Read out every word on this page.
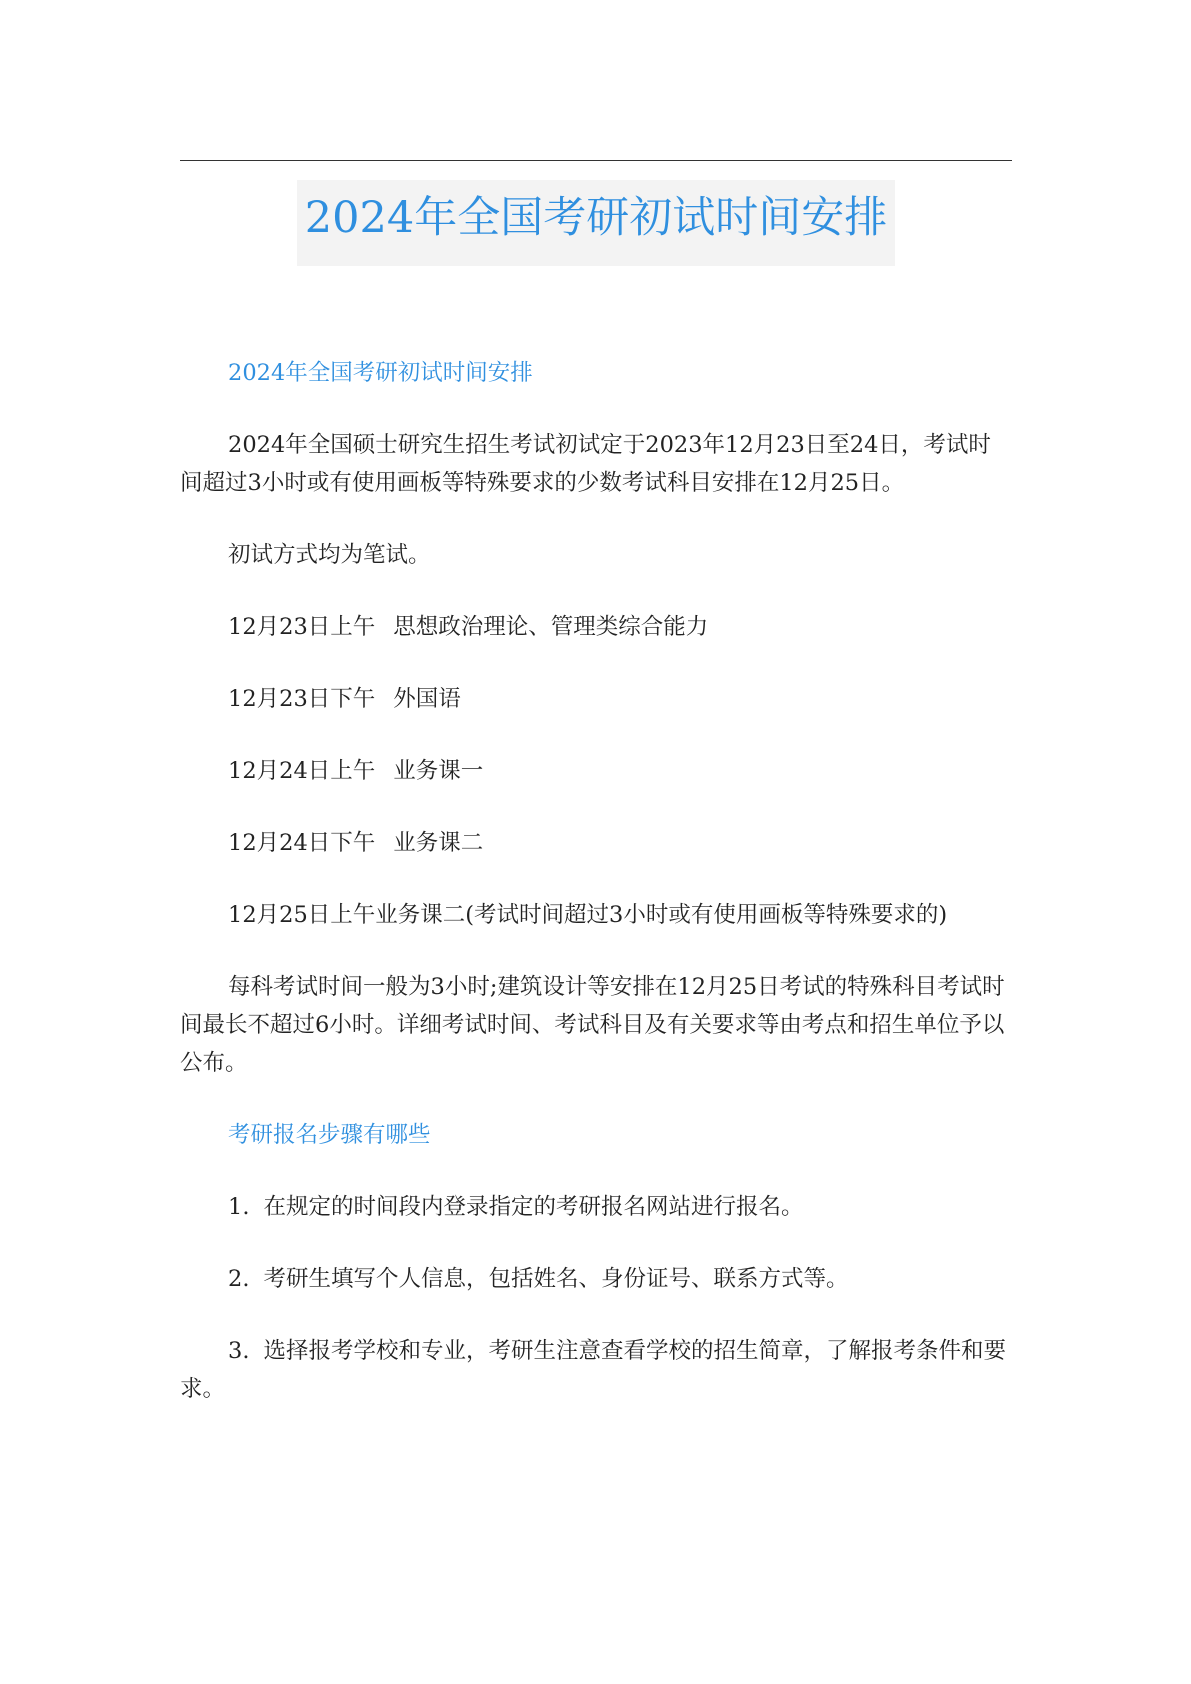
2024年全国考研初试时间安排

2024年全国考研初试时间安排

2024年全国硕士研究生招生考试初试定于2023年12月23日至24日，考试时间超过3小时或有使用画板等特殊要求的少数考试科目安排在12月25日。

初试方式均为笔试。

12月23日上午 思想政治理论、管理类综合能力

12月23日下午 外国语

12月24日上午 业务课一

12月24日下午 业务课二

12月25日上午业务课二(考试时间超过3小时或有使用画板等特殊要求的)

每科考试时间一般为3小时;建筑设计等安排在12月25日考试的特殊科目考试时间最长不超过6小时。详细考试时间、考试科目及有关要求等由考点和招生单位予以公布。

考研报名步骤有哪些

1. 在规定的时间段内登录指定的考研报名网站进行报名。

2. 考研生填写个人信息，包括姓名、身份证号、联系方式等。

3. 选择报考学校和专业，考研生注意查看学校的招生简章，了解报考条件和要求。
